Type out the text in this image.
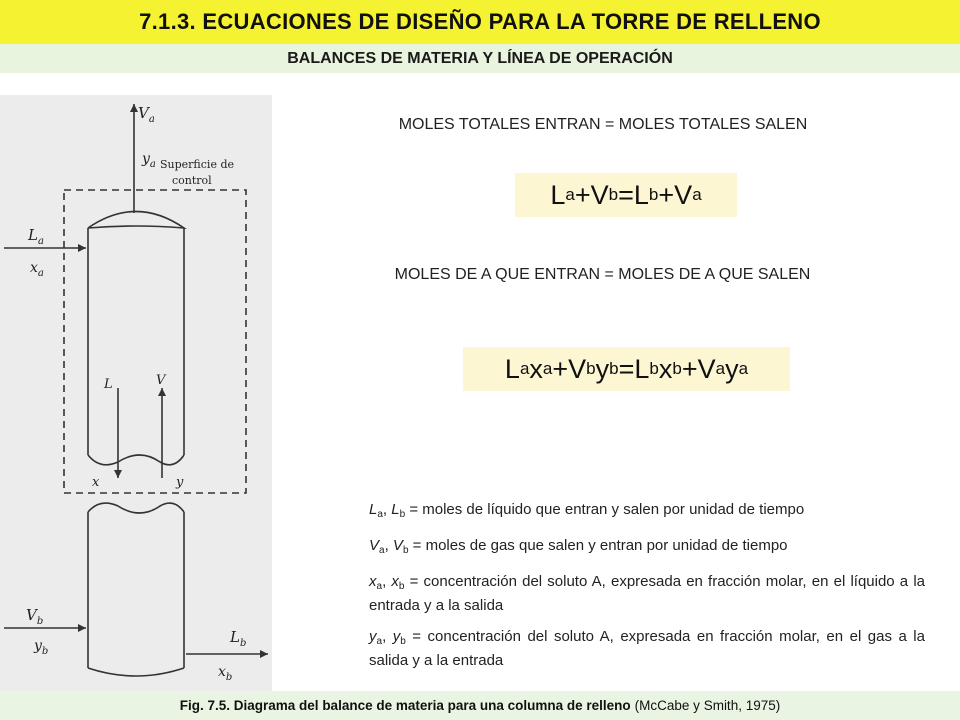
7.1.3. ECUACIONES DE DISEÑO PARA LA TORRE DE RELLENO
BALANCES DE MATERIA Y LÍNEA DE OPERACIÓN
$V_a$
$y_a$ Superficie de
control
$L_a$
$x_a$
L	V
x	y
$V_b$
$y_b$
$L_b$
$x_b$
MOLES TOTALES ENTRAN = MOLES TOTALES SALEN
L a + V b = L b + V a
MOLES DE A QUE ENTRAN = MOLES DE A QUE SALEN
L a x a + V b y b = L b x b + V a y a
$L_a$, $L_b$ = moles de líquido que entran y salen por unidad de tiempo
$V_a$, $V_b$ = moles de gas que salen y entran por unidad de tiempo
$x_a$, $x_b$ = concentración del soluto A, expresada en fracción molar, en el líquido a la entrada y a la salida
$y_a$, $y_b$ = concentración del soluto A, expresada en fracción molar, en el gas a la salida y a la entrada
Fig. 7.5. Diagrama del balance de materia para una columna de relleno (McCabe y Smith, 1975)
